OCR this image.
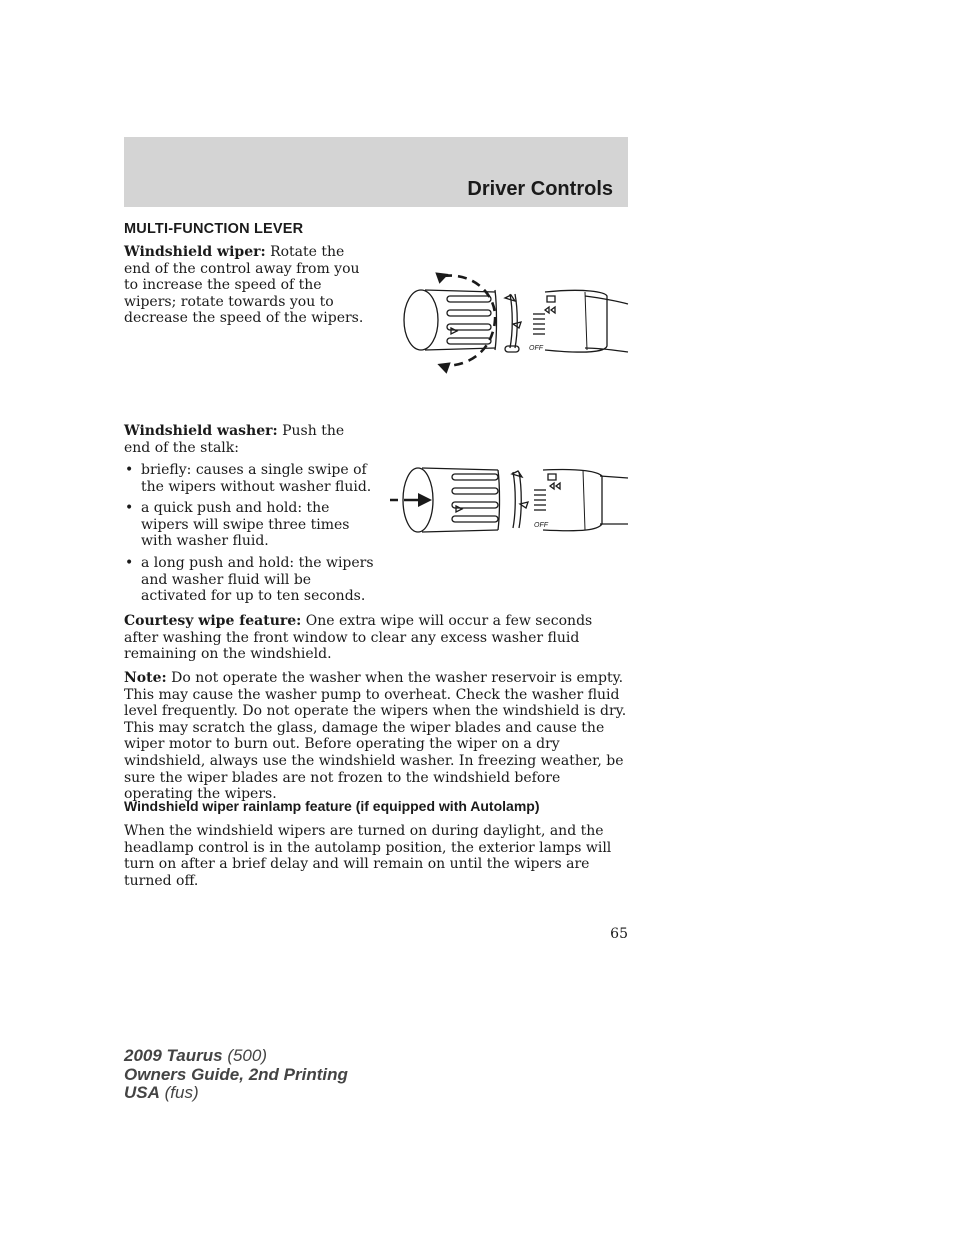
Driver Controls
MULTI-FUNCTION LEVER

Windshield wiper: Rotate the end of the control away from you to increase the speed of the wipers; rotate towards you to decrease the speed of the wipers.

OFF

Windshield washer: Push the end of the stalk:

• briefly: causes a single swipe of the wipers without washer fluid.
• a quick push and hold: the wipers will swipe three times with washer fluid.
• a long push and hold: the wipers and washer fluid will be activated for up to ten seconds.
OFF

Courtesy wipe feature: One extra wipe will occur a few seconds after washing the front window to clear any excess washer fluid remaining on the windshield.

Note: Do not operate the washer when the washer reservoir is empty. This may cause the washer pump to overheat. Check the washer fluid level frequently. Do not operate the wipers when the windshield is dry. This may scratch the glass, damage the wiper blades and cause the wiper motor to burn out. Before operating the wiper on a dry windshield, always use the windshield washer. In freezing weather, be sure the wiper blades are not frozen to the windshield before operating the wipers.

Windshield wiper rainlamp feature (if equipped with Autolamp)

When the windshield wipers are turned on during daylight, and the headlamp control is in the autolamp position, the exterior lamps will turn on after a brief delay and will remain on until the wipers are turned off.

65
2009 Taurus (500)
Owners Guide, 2nd Printing
USA (fus)
